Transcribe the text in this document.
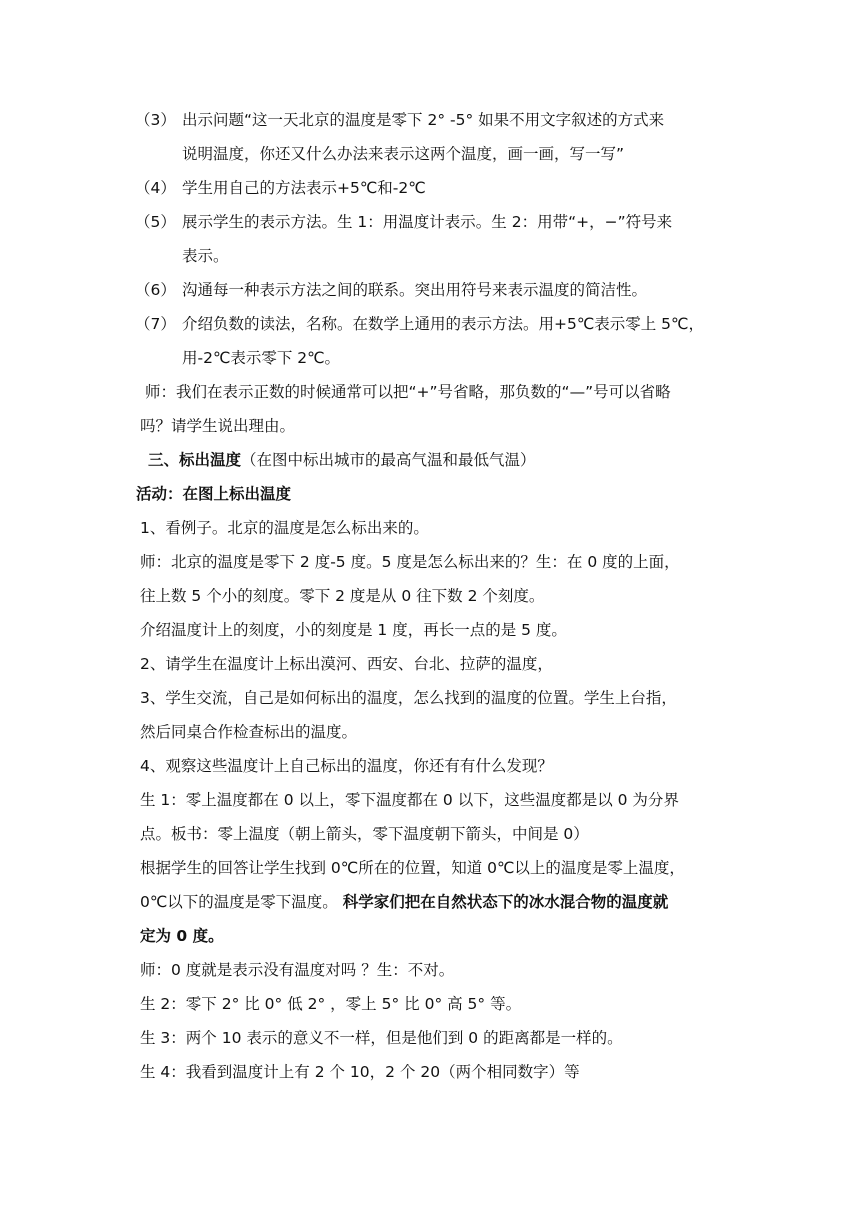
（3） 出示问题“这一天北京的温度是零下 2° -5° 如果不用文字叙述的方式来
说明温度，你还又什么办法来表示这两个温度，画一画，写一写”
（4） 学生用自己的方法表示+5℃和-2℃
（5） 展示学生的表示方法。生 1：用温度计表示。生 2：用带“+，−”符号来
表示。
（6） 沟通每一种表示方法之间的联系。突出用符号来表示温度的简洁性。
（7） 介绍负数的读法，名称。在数学上通用的表示方法。用+5℃表示零上 5℃，
用-2℃表示零下 2℃。
师：我们在表示正数的时候通常可以把“+”号省略，那负数的“—”号可以省略
吗？请学生说出理由。
三、标出温度（在图中标出城市的最高气温和最低气温）
活动：在图上标出温度
1、看例子。北京的温度是怎么标出来的。
师：北京的温度是零下 2 度-5 度。5 度是怎么标出来的？生：在 0 度的上面，
往上数 5 个小的刻度。零下 2 度是从 0 往下数 2 个刻度。
介绍温度计上的刻度，小的刻度是 1 度，再长一点的是 5 度。
2、请学生在温度计上标出漠河、西安、台北、拉萨的温度，
3、学生交流，自己是如何标出的温度，怎么找到的温度的位置。学生上台指，
然后同桌合作检查标出的温度。
4、观察这些温度计上自己标出的温度，你还有有什么发现？
生 1：零上温度都在 0 以上，零下温度都在 0 以下，这些温度都是以 0 为分界
点。板书：零上温度（朝上箭头，零下温度朝下箭头，中间是 0）
根据学生的回答让学生找到 0℃所在的位置，知道 0℃以上的温度是零上温度，
0℃以下的温度是零下温度。 科学家们把在自然状态下的冰水混合物的温度就
定为 0 度。
师：0 度就是表示没有温度对吗 ？生：不对。
生 2：零下 2° 比 0° 低 2° ，零上 5° 比 0° 高 5° 等。
生 3：两个 10 表示的意义不一样，但是他们到 0 的距离都是一样的。
生 4：我看到温度计上有 2 个 10，2 个 20（两个相同数字）等
